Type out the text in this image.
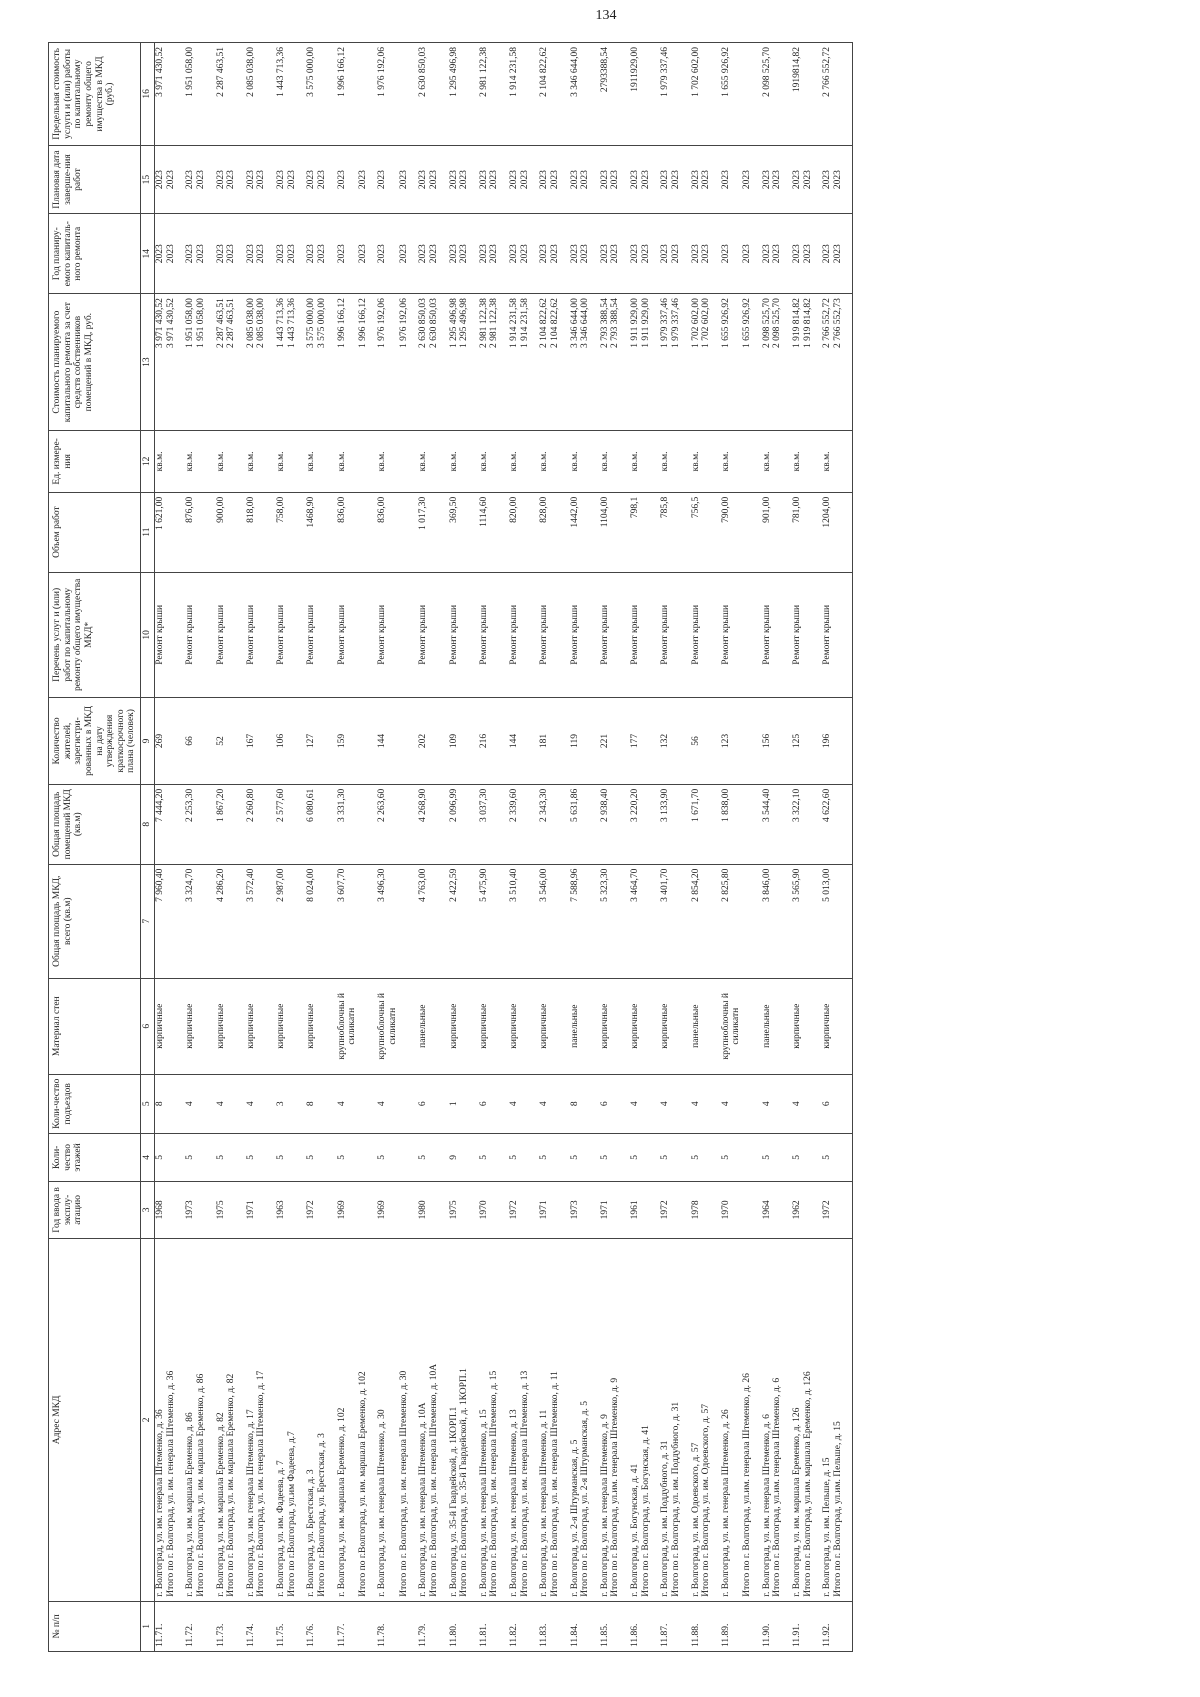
134
№ п/п	Адрес МКД	Год ввода в эксплу-атацию	Коли-чество этажей	Коли-чество подъездов	Материал стен	Общая площадь МКД, всего (кв.м)	Общая площадь помещений МКД (кв.м)	Количество жителей, зарегистри-рованных в МКД на дату утверждения краткосрочного плана (человек)	Перечень услуг и (или) работ по капитальному ремонту общего имущества МКД*	Объем работ	Ед. измере-ния	Стоимость планируемого капитального ремонта за счет средств собственников помещений в МКД, руб.	Год планиру-емого капиталь-ного ремонта	Плановая дата заверше-ния работ	Предельная стоимость услуги и (или) работы по капитальному ремонту общего имущества в МКД (руб.)
1	2	3	4	5	6	7	8	9	10	11	12	13	14	15	16
11.71.	г. Волгоград, ул. им. генерала Штеменко, д. 36	1968	5	8	кирпичные	7 960,40	7 444,20	269	Ремонт крыши	1 621,00	кв.м.	3 971 430,52	2023	2023	3 971 430,52
	Итого по г. Волгоград, ул. им. генерала Штеменко, д. 36											3 971 430,52	2023	2023	

11.72.	г. Волгоград, ул. им. маршала Еременко, д. 86	1973	5	4	кирпичные	3 324,70	2 253,30	66	Ремонт крыши	876,00	кв.м.	1 951 058,00	2023	2023	1 951 058,00
	Итого по г. Волгоград, ул. им. маршала Еременко, д. 86											1 951 058,00	2023	2023	

11.73.	г. Волгоград, ул. им. маршала Еременко, д. 82	1975	5	4	кирпичные	4 286,20	1 867,20	52	Ремонт крыши	900,00	кв.м.	2 287 463,51	2023	2023	2 287 463,51
	Итого по г. Волгоград, ул. им. маршала Еременко, д. 82											2 287 463,51	2023	2023	

11.74.	г. Волгоград, ул. им. генерала Штеменко, д. 17	1971	5	4	кирпичные	3 572,40	2 260,80	167	Ремонт крыши	818,00	кв.м.	2 085 038,00	2023	2023	2 085 038,00
	Итого по г. Волгоград, ул. им. генерала Штеменко, д. 17											2 085 038,00	2023	2023	

11.75.	г. Волгоград, ул. им. Фадеева, д. 7	1963	5	3	кирпичные	2 987,00	2 577,60	106	Ремонт крыши	758,00	кв.м.	1 443 713,36	2023	2023	1 443 713,36
	Итого по г.Волгоград, ул.им Фадеева, д.7											1 443 713,36	2023	2023	

11.76.	г. Волгоград, ул. Брестская, д. 3	1972	5	8	кирпичные	8 024,00	6 080,61	127	Ремонт крыши	1468,90	кв.м.	3 575 000,00	2023	2023	3 575 000,00
	Итого по г.Волгоград, ул. Брестская, д. 3											3 575 000,00	2023	2023	

11.77.	г. Волгоград, ул. им. маршала Еременко, д. 102	1969	5	4	крупноблочны й силикатн	3 607,70	3 331,30	159	Ремонт крыши	836,00	кв.м.	1 996 166,12	2023	2023	1 996 166,12
	Итого по г.Волгоград, ул. им. маршала Еременко, д. 102											1 996 166,12	2023	2023	

11.78.	г. Волгоград, ул. им. генерала Штеменко, д. 30	1969	5	4	крупноблочны й силикатн	3 496,30	2 263,60	144	Ремонт крыши	836,00	кв.м.	1 976 192,06	2023	2023	1 976 192,06
	Итого по г. Волгоград, ул. им. генерала Штеменко, д. 30											1 976 192,06	2023	2023	

11.79.	г. Волгоград, ул. им. генерала Штеменко, д. 10А	1980	5	6	панельные	4 763,00	4 268,90	202	Ремонт крыши	1 017,30	кв.м.	2 630 850,03	2023	2023	2 630 850,03
	Итого по г. Волгоград, ул. им. генерала Штеменко, д. 10А											2 630 850,03	2023	2023	

11.80.	г. Волгоград, ул. 35-й Гвардейской, д. 1КОРП.1	1975	9	1	кирпичные	2 422,59	2 096,99	109	Ремонт крыши	369,50	кв.м.	1 295 496,98	2023	2023	1 295 496,98
	Итого по г. Волгоград, ул. 35-й Гвардейской, д. 1КОРП.1											1 295 496,98	2023	2023	

11.81.	г. Волгоград, ул. им. генерала Штеменко, д. 15	1970	5	6	кирпичные	5 475,90	3 037,30	216	Ремонт крыши	1114,60	кв.м.	2 981 122,38	2023	2023	2 981 122,38
	Итого по г. Волгоград, ул. им. генерала Штеменко, д. 15											2 981 122,38	2023	2023	

11.82.	г. Волгоград, ул. им. генерала Штеменко, д. 13	1972	5	4	кирпичные	3 510,40	2 339,60	144	Ремонт крыши	820,00	кв.м.	1 914 231,58	2023	2023	1 914 231,58
	Итого по г. Волгоград, ул. им. генерала Штеменко, д. 13											1 914 231,58	2023	2023	

11.83.	г. Волгоград, ул. им. генерала Штеменко, д. 11	1971	5	4	кирпичные	3 546,00	2 343,30	181	Ремонт крыши	828,00	кв.м.	2 104 822,62	2023	2023	2 104 822,62
	Итого по г. Волгоград, ул. им. генерала Штеменко, д. 11											2 104 822,62	2023	2023	

11.84.	г. Волгоград, ул. 2-я Штурманская, д. 5	1973	5	8	панельные	7 588,96	5 631,86	119	Ремонт крыши	1442,00	кв.м.	3 346 644,00	2023	2023	3 346 644,00
	Итого по г. Волгоград, ул. 2-я Штурманская, д. 5											3 346 644,00	2023	2023	

11.85.	г. Волгоград, ул. им. генерала Штеменко, д. 9	1971	5	6	кирпичные	5 323,30	2 938,40	221	Ремонт крыши	1104,00	кв.м.	2 793 388,54	2023	2023	2793388,54
	Итого по г. Волгоград, ул.им. генерала Штеменко, д. 9											2 793 388,54	2023	2023	

11.86.	г. Волгоград, ул. Богунская, д. 41	1961	5	4	кирпичные	3 464,70	3 220,20	177	Ремонт крыши	798,1	кв.м.	1 911 929,00	2023	2023	1911929,00
	Итого по г. Волгоград, ул. Богунская, д. 41											1 911 929,00	2023	2023	

11.87.	г. Волгоград, ул. им. Поддубного, д. 31	1972	5	4	кирпичные	3 401,70	3 133,90	132	Ремонт крыши	785,8	кв.м.	1 979 337,46	2023	2023	1 979 337,46
	Итого по г. Волгоград, ул. им. Поддубного, д. 31											1 979 337,46	2023	2023	

11.88.	г. Волгоград, ул. им. Одоевского, д. 57	1978	5	4	панельные	2 854,20	1 671,70	56	Ремонт крыши	756,5	кв.м.	1 702 602,00	2023	2023	1 702 602,00
	Итого по г. Волгоград, ул. им. Одоевского, д. 57											1 702 602,00	2023	2023	

11.89.	г. Волгоград, ул. им. генерала Штеменко, д. 26	1970	5	4	крупноблочны й силикатн	2 825,80	1 838,00	123	Ремонт крыши	790,00	кв.м.	1 655 926,92	2023	2023	1 655 926,92
	Итого по г. Волгоград, ул.им. генерала Штеменко, д. 26											1 655 926,92	2023	2023	

11.90.	г. Волгоград, ул. им. генерала Штеменко, д. 6	1964	5	4	панельные	3 846,00	3 544,40	156	Ремонт крыши	901,00	кв.м.	2 098 525,70	2023	2023	2 098 525,70
	Итого по г. Волгоград, ул.им. генерала Штеменко, д. 6											2 098 525,70	2023	2023	

11.91.	г. Волгоград, ул. им. маршала Еременко, д. 126	1962	5	4	кирпичные	3 565,90	3 322,10	125	Ремонт крыши	781,00	кв.м.	1 919 814,82	2023	2023	1919814,82
	Итого по г. Волгоград, ул.им. маршала Еременко, д. 126											1 919 814,82	2023	2023	

11.92.	г. Волгоград, ул. им. Пельше, д. 15	1972	5	6	кирпичные	5 013,00	4 622,60	196	Ремонт крыши	1204,00	кв.м.	2 766 552,72	2023	2023	2 766 552,72
	Итого по г. Волгоград, ул.им. Пельше, д. 15											2 766 552,73	2023	2023	
